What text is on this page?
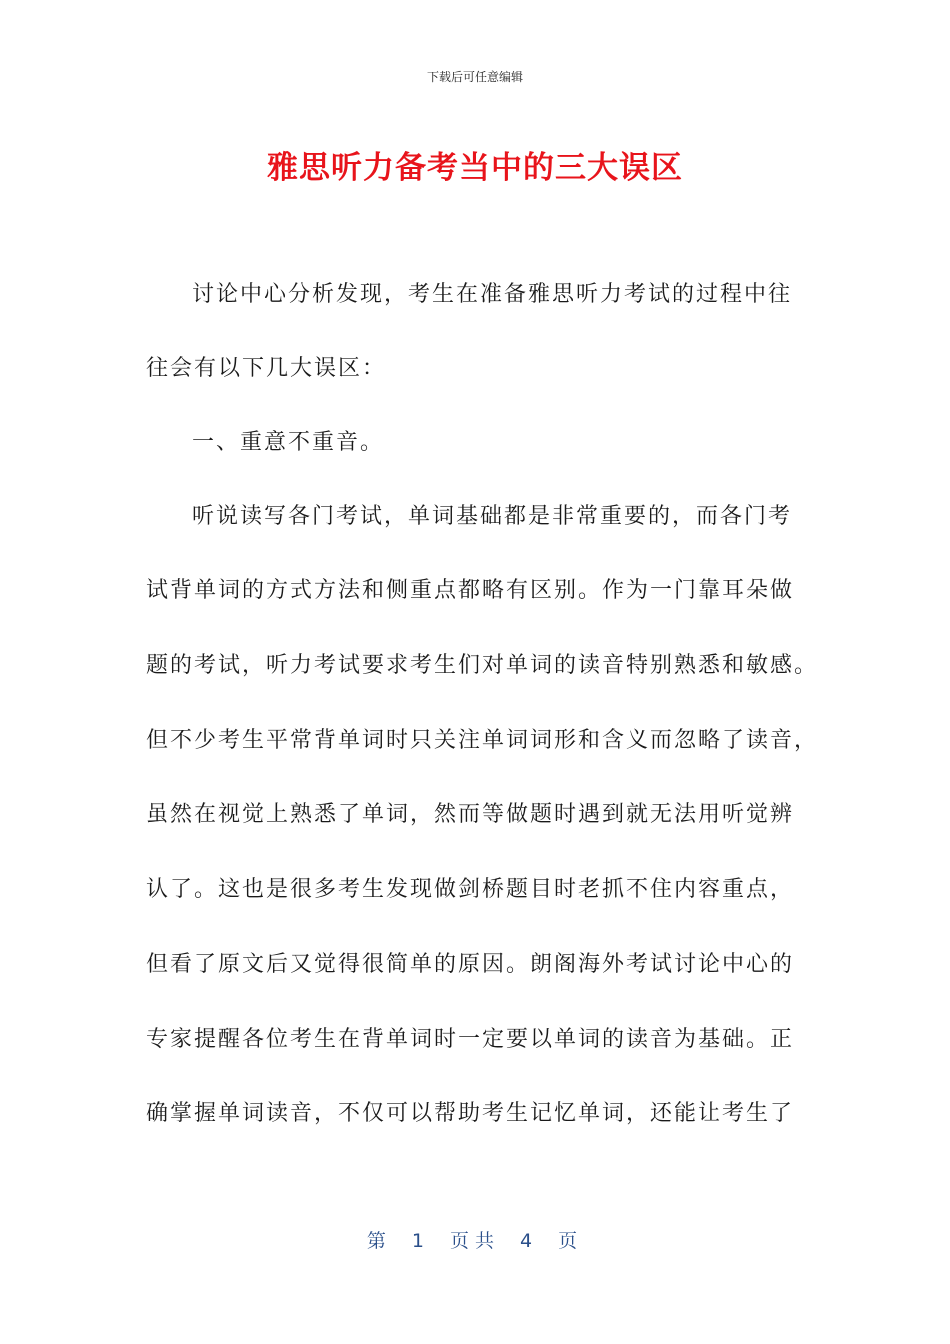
下载后可任意编辑
雅思听力备考当中的三大误区
讨论中心分析发现，考生在准备雅思听力考试的过程中往
往会有以下几大误区：
一、重意不重音。
听说读写各门考试，单词基础都是非常重要的，而各门考
试背单词的方式方法和侧重点都略有区别。作为一门靠耳朵做
题的考试，听力考试要求考生们对单词的读音特别熟悉和敏感。
但不少考生平常背单词时只关注单词词形和含义而忽略了读音，
虽然在视觉上熟悉了单词，然而等做题时遇到就无法用听觉辨
认了。这也是很多考生发现做剑桥题目时老抓不住内容重点，
但看了原文后又觉得很简单的原因。朗阁海外考试讨论中心的
专家提醒各位考生在背单词时一定要以单词的读音为基础。正
确掌握单词读音，不仅可以帮助考生记忆单词，还能让考生了
第 1 页共 4 页
